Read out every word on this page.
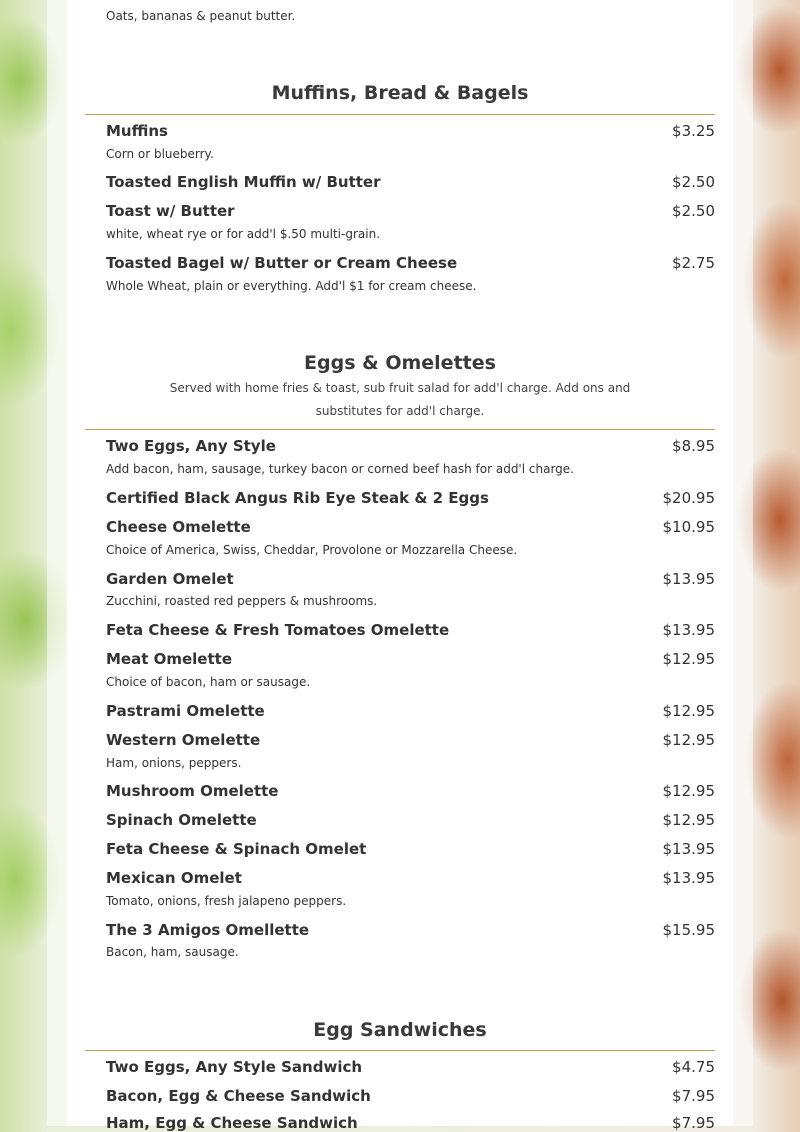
Oats, bananas & peanut butter.

Muffins, Bread & Bagels

Muffins	$3.25

Corn or blueberry.

Toasted English Muffin w/ Butter	$2.50

Toast w/ Butter	$2.50

white, wheat rye or for add'l $.50 multi-grain.

Toasted Bagel w/ Butter or Cream Cheese	$2.75

Whole Wheat, plain or everything. Add'l $1 for cream cheese.

Eggs & Omelettes

Served with home fries & toast, sub fruit salad for add'l charge. Add ons and substitutes for add'l charge.

Two Eggs, Any Style	$8.95

Add bacon, ham, sausage, turkey bacon or corned beef hash for add'l charge.

Certified Black Angus Rib Eye Steak & 2 Eggs	$20.95

Cheese Omelette	$10.95

Choice of America, Swiss, Cheddar, Provolone or Mozzarella Cheese.

Garden Omelet	$13.95

Zucchini, roasted red peppers & mushrooms.

Feta Cheese & Fresh Tomatoes Omelette	$13.95

Meat Omelette	$12.95

Choice of bacon, ham or sausage.

Pastrami Omelette	$12.95

Western Omelette	$12.95

Ham, onions, peppers.

Mushroom Omelette	$12.95

Spinach Omelette	$12.95

Feta Cheese & Spinach Omelet	$13.95

Mexican Omelet	$13.95

Tomato, onions, fresh jalapeno peppers.

The 3 Amigos Omellette	$15.95

Bacon, ham, sausage.

Egg Sandwiches

Two Eggs, Any Style Sandwich	$4.75

Bacon, Egg & Cheese Sandwich	$7.95

Ham, Egg & Cheese Sandwich	$7.95
